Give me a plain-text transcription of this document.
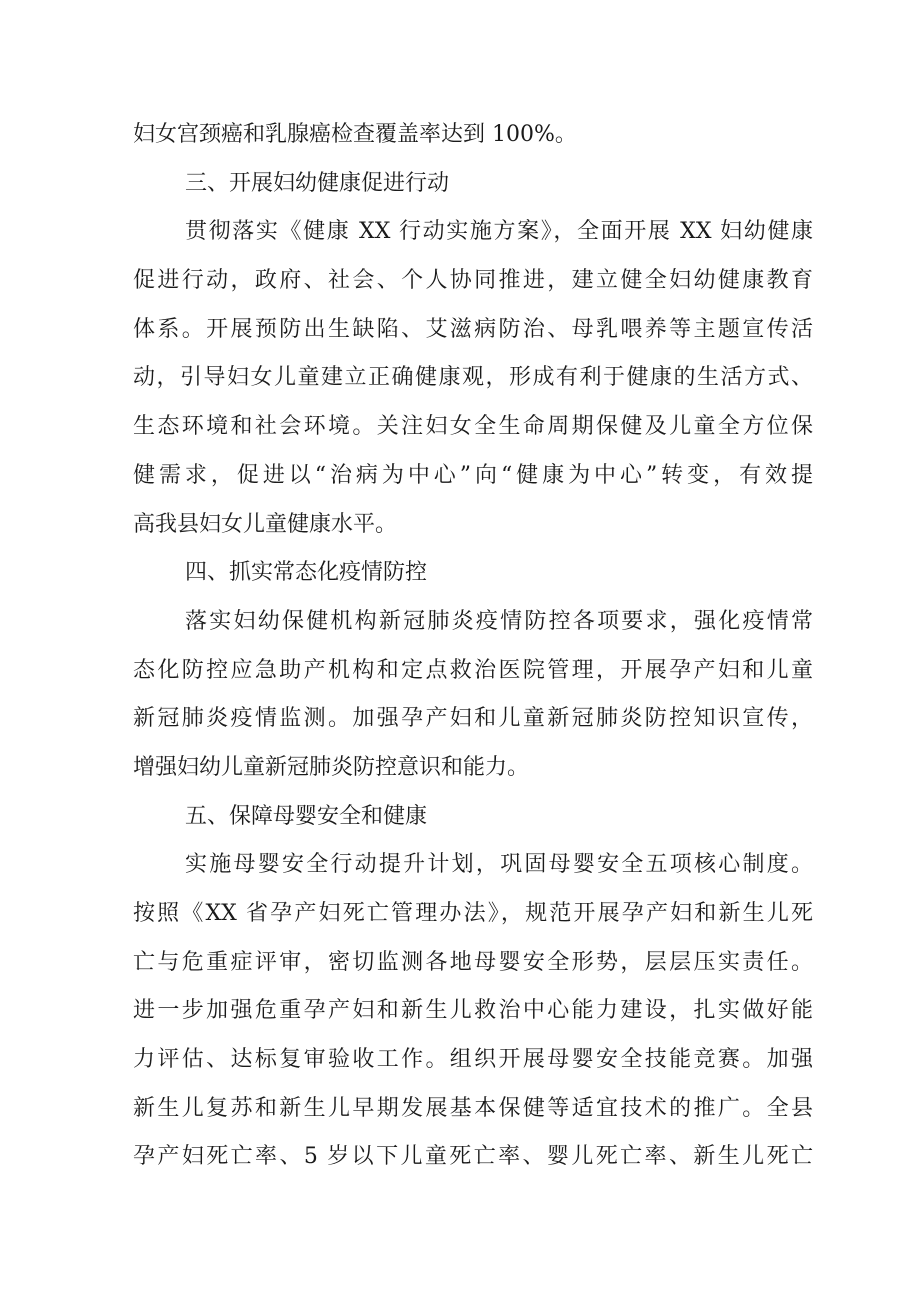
妇女宫颈癌和乳腺癌检查覆盖率达到 100%。
三、开展妇幼健康促进行动
贯彻落实《健康 XX 行动实施方案》，全面开展 XX 妇幼健康
促进行动，政府、社会、个人协同推进，建立健全妇幼健康教育
体系。开展预防出生缺陷、艾滋病防治、母乳喂养等主题宣传活
动，引导妇女儿童建立正确健康观，形成有利于健康的生活方式、
生态环境和社会环境。关注妇女全生命周期保健及儿童全方位保
健需求，促进以“治病为中心”向“健康为中心”转变，有效提
高我县妇女儿童健康水平。
四、抓实常态化疫情防控
落实妇幼保健机构新冠肺炎疫情防控各项要求，强化疫情常
态化防控应急助产机构和定点救治医院管理，开展孕产妇和儿童
新冠肺炎疫情监测。加强孕产妇和儿童新冠肺炎防控知识宣传，
增强妇幼儿童新冠肺炎防控意识和能力。
五、保障母婴安全和健康
实施母婴安全行动提升计划，巩固母婴安全五项核心制度。
按照《XX 省孕产妇死亡管理办法》，规范开展孕产妇和新生儿死
亡与危重症评审，密切监测各地母婴安全形势，层层压实责任。
进一步加强危重孕产妇和新生儿救治中心能力建设，扎实做好能
力评估、达标复审验收工作。组织开展母婴安全技能竞赛。加强
新生儿复苏和新生儿早期发展基本保健等适宜技术的推广。全县
孕产妇死亡率、5 岁以下儿童死亡率、婴儿死亡率、新生儿死亡
